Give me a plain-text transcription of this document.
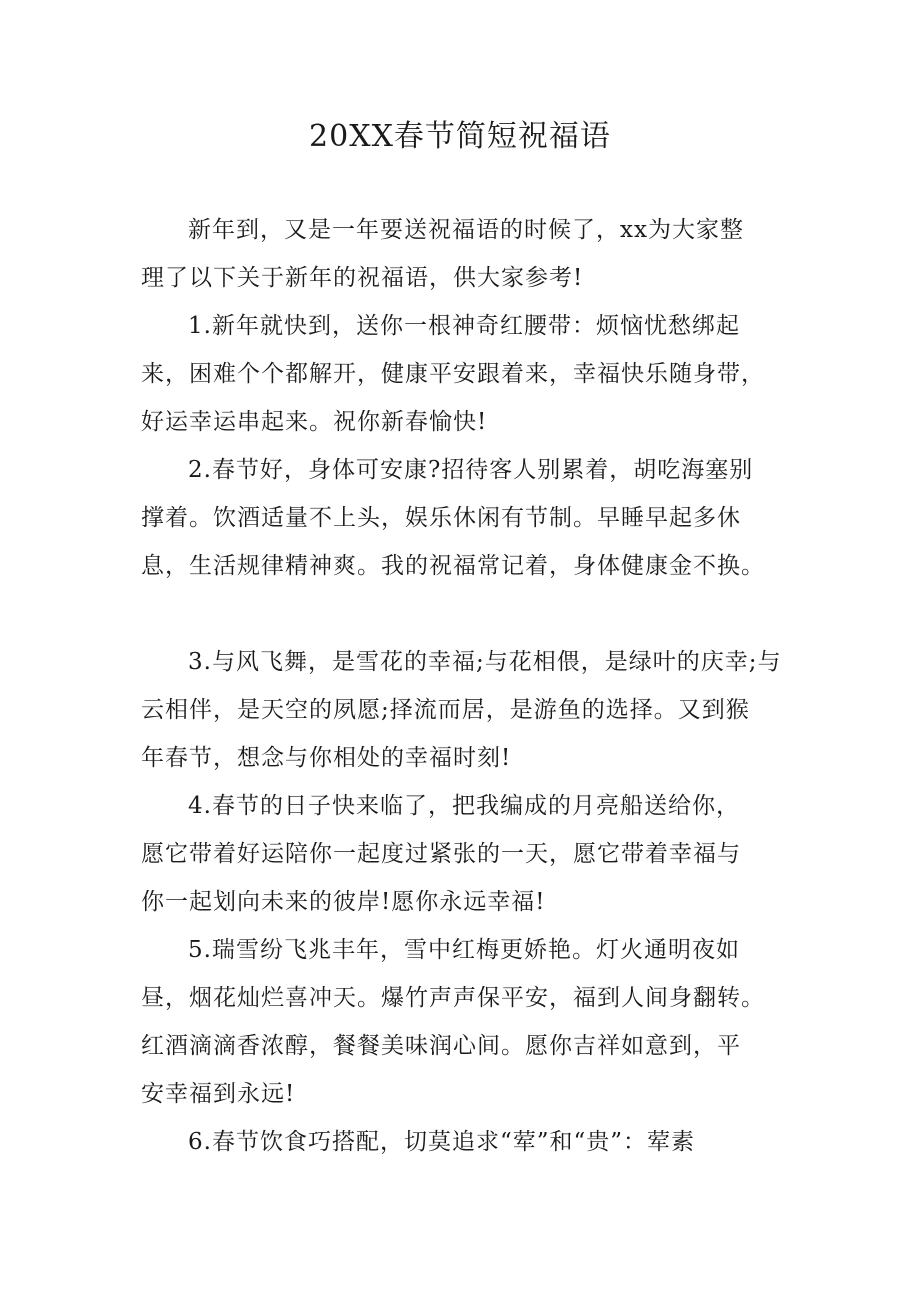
20XX春节简短祝福语
新年到，又是一年要送祝福语的时候了，xx为大家整
理了以下关于新年的祝福语，供大家参考!
1.新年就快到，送你一根神奇红腰带：烦恼忧愁绑起
来，困难个个都解开，健康平安跟着来，幸福快乐随身带，
好运幸运串起来。祝你新春愉快!
2.春节好，身体可安康?招待客人别累着，胡吃海塞别
撑着。饮酒适量不上头，娱乐休闲有节制。早睡早起多休
息，生活规律精神爽。我的祝福常记着，身体健康金不换。
3.与风飞舞，是雪花的幸福;与花相偎，是绿叶的庆幸;与
云相伴，是天空的夙愿;择流而居，是游鱼的选择。又到猴
年春节，想念与你相处的幸福时刻!
4.春节的日子快来临了，把我编成的月亮船送给你，
愿它带着好运陪你一起度过紧张的一天，愿它带着幸福与
你一起划向未来的彼岸!愿你永远幸福!
5.瑞雪纷飞兆丰年，雪中红梅更娇艳。灯火通明夜如
昼，烟花灿烂喜冲天。爆竹声声保平安，福到人间身翻转。
红酒滴滴香浓醇，餐餐美味润心间。愿你吉祥如意到，平
安幸福到永远!
6.春节饮食巧搭配，切莫追求“荤”和“贵”：荤素
